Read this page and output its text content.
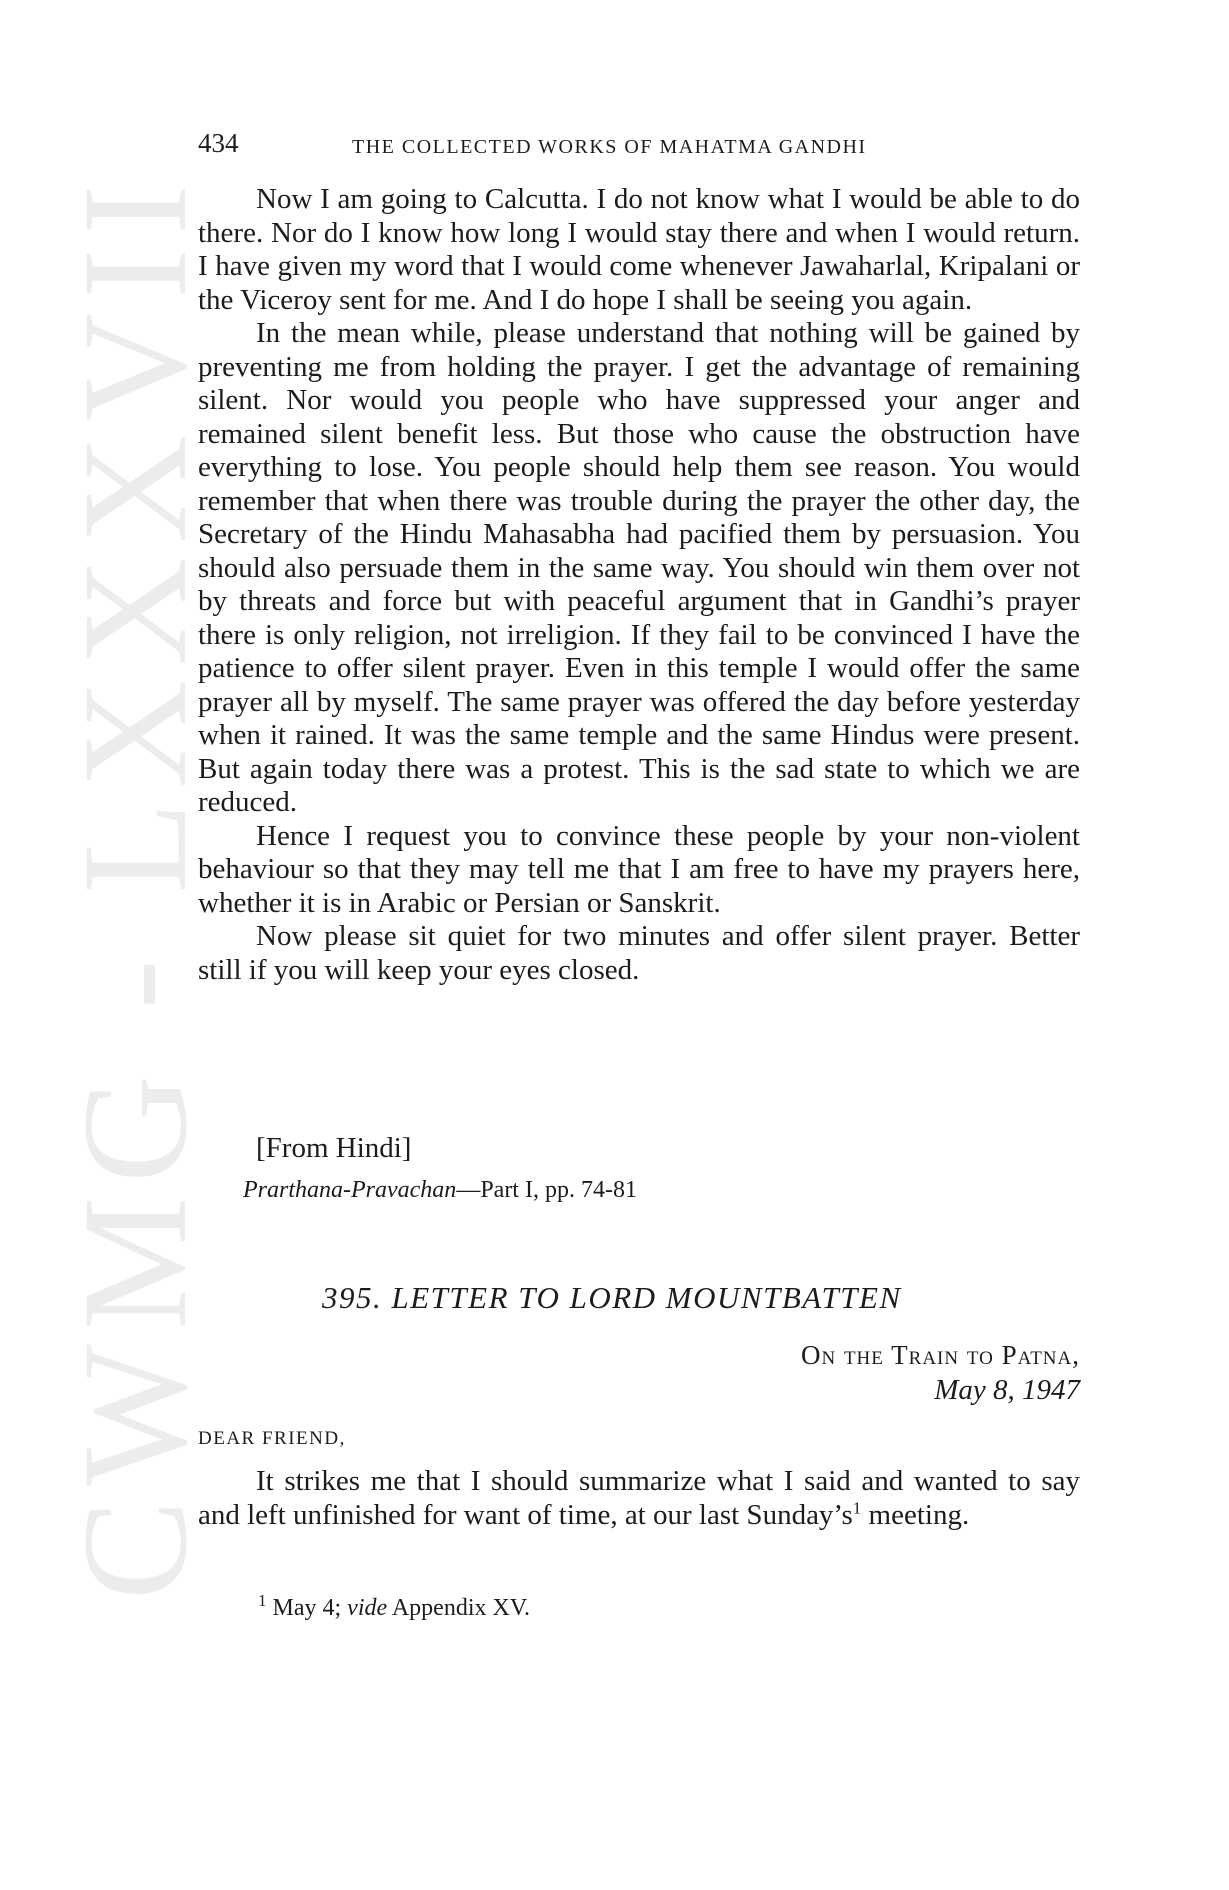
CWMG - LXXXVII
434	THE COLLECTED WORKS OF MAHATMA GANDHI

Now I am going to Calcutta. I do not know what I would be able to do there. Nor do I know how long I would stay there and when I would return. I have given my word that I would come whenever Jawaharlal, Kripalani or the Viceroy sent for me. And I do hope I shall be seeing you again.

In the mean while, please understand that nothing will be gained by preventing me from holding the prayer. I get the advantage of remaining silent. Nor would you people who have suppressed your anger and remained silent benefit less. But those who cause the obstruction have everything to lose. You people should help them see reason. You would remember that when there was trouble during the prayer the other day, the Secretary of the Hindu Mahasabha had pacified them by persuasion. You should also persuade them in the same way. You should win them over not by threats and force but with peaceful argument that in Gandhi’s prayer there is only religion, not irreligion. If they fail to be convinced I have the patience to offer silent prayer. Even in this temple I would offer the same prayer all by myself. The same prayer was offered the day before yesterday when it rained. It was the same temple and the same Hindus were present. But again today there was a protest. This is the sad state to which we are reduced.

Hence I request you to convince these people by your non-violent behaviour so that they may tell me that I am free to have my prayers here, whether it is in Arabic or Persian or Sanskrit.

Now please sit quiet for two minutes and offer silent prayer. Better still if you will keep your eyes closed.

[From Hindi]
Prarthana-Pravachan—Part I, pp. 74-81
395. LETTER TO LORD MOUNTBATTEN
On the Train to Patna,
May 8, 1947
DEAR FRIEND,

It strikes me that I should summarize what I said and wanted to say and left unfinished for want of time, at our last $Sunday’s^1$ meeting.

$^1$ May 4; vide Appendix XV.
